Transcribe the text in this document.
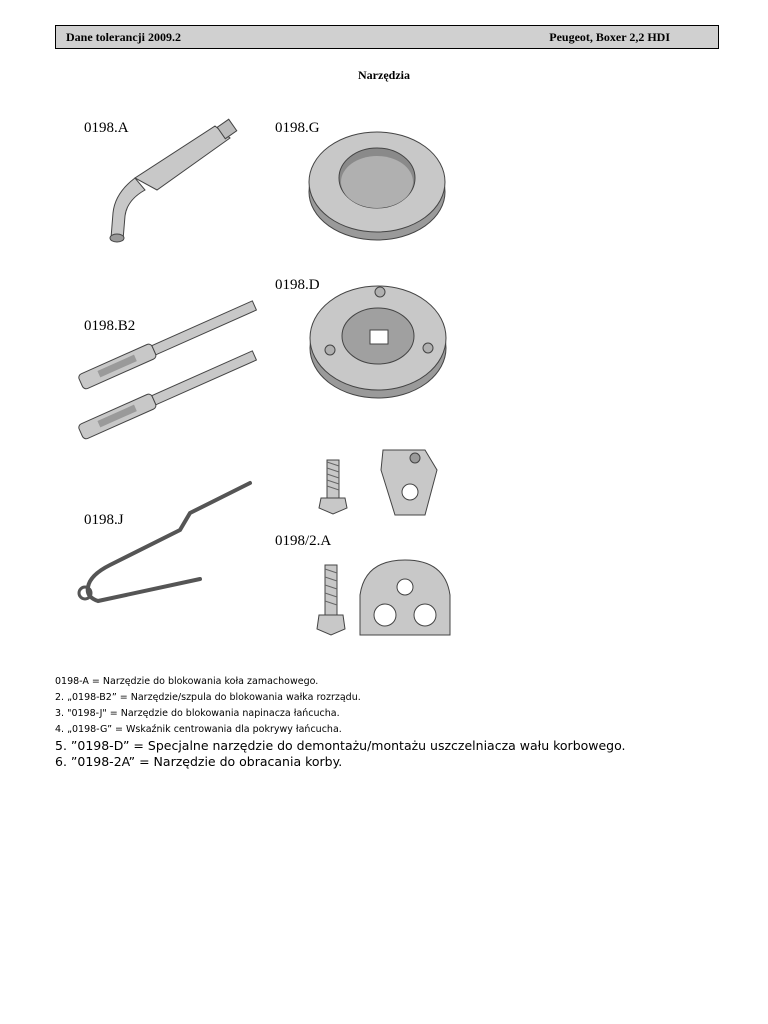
Dane tolerancji 2009.2	Peugeot, Boxer 2,2 HDI
Narzędzia
0198.A	0198.G
0198.D
0198.B2
0198.J
0198/2.A

0198-A = Narzędzie do blokowania koła zamachowego.

2. „0198-B2” = Narzędzie/szpula do blokowania wałka rozrządu.

3. "0198-J" = Narzędzie do blokowania napinacza łańcucha.

4. „0198-G” = Wskaźnik centrowania dla pokrywy łańcucha.

5. ”0198-D” = Specjalne narzędzie do demontażu/montażu uszczelniacza wału korbowego.

6. ”0198-2A” = Narzędzie do obracania korby.
